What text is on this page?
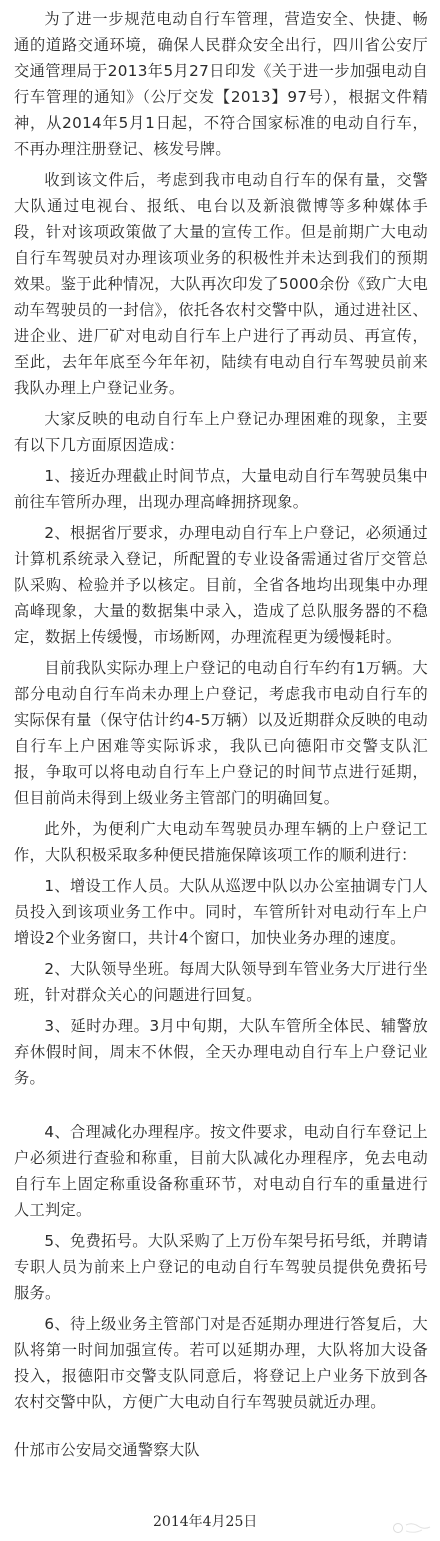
为了进一步规范电动自行车管理，营造安全、快捷、畅通的道路交通环境，确保人民群众安全出行，四川省公安厅交通管理局于2013年5月27日印发《关于进一步加强电动自行车管理的通知》（公厅交发【2013】97号），根据文件精神，从2014年5月1日起，不符合国家标准的电动自行车，不再办理注册登记、核发号牌。

收到该文件后，考虑到我市电动自行车的保有量，交警大队通过电视台、报纸、电台以及新浪微博等多种媒体手段，针对该项政策做了大量的宣传工作。但是前期广大电动自行车驾驶员对办理该项业务的积极性并未达到我们的预期效果。鉴于此种情况，大队再次印发了5000余份《致广大电动车驾驶员的一封信》，依托各农村交警中队，通过进社区、进企业、进厂矿对电动自行车上户进行了再动员、再宣传，至此，去年年底至今年年初，陆续有电动自行车驾驶员前来我队办理上户登记业务。

大家反映的电动自行车上户登记办理困难的现象，主要有以下几方面原因造成：

1、接近办理截止时间节点，大量电动自行车驾驶员集中前往车管所办理，出现办理高峰拥挤现象。

2、根据省厅要求，办理电动自行车上户登记，必须通过计算机系统录入登记，所配置的专业设备需通过省厅交管总队采购、检验并予以核定。目前，全省各地均出现集中办理高峰现象，大量的数据集中录入，造成了总队服务器的不稳定，数据上传缓慢，市场断网，办理流程更为缓慢耗时。

目前我队实际办理上户登记的电动自行车约有1万辆。大部分电动自行车尚未办理上户登记，考虑我市电动自行车的实际保有量（保守估计约4-5万辆）以及近期群众反映的电动自行车上户困难等实际诉求，我队已向德阳市交警支队汇报，争取可以将电动自行车上户登记的时间节点进行延期，但目前尚未得到上级业务主管部门的明确回复。

此外，为便利广大电动车驾驶员办理车辆的上户登记工作，大队积极采取多种便民措施保障该项工作的顺利进行：

1、增设工作人员。大队从巡逻中队以办公室抽调专门人员投入到该项业务工作中。同时，车管所针对电动行车上户增设2个业务窗口，共计4个窗口，加快业务办理的速度。

2、大队领导坐班。每周大队领导到车管业务大厅进行坐班，针对群众关心的问题进行回复。

3、延时办理。3月中旬期，大队车管所全体民、辅警放弃休假时间，周末不休假，全天办理电动自行车上户登记业务。

4、合理减化办理程序。按文件要求，电动自行车登记上户必须进行查验和称重，目前大队减化办理程序，免去电动自行车上固定称重设备称重环节，对电动自行车的重量进行人工判定。

5、免费拓号。大队采购了上万份车架号拓号纸，并聘请专职人员为前来上户登记的电动自行车驾驶员提供免费拓号服务。

6、待上级业务主管部门对是否延期办理进行答复后，大队将第一时间加强宣传。若可以延期办理，大队将加大设备投入，报德阳市交警支队同意后，将登记上户业务下放到各农村交警中队，方便广大电动自行车驾驶员就近办理。

什邡市公安局交通警察大队

2014年4月25日
